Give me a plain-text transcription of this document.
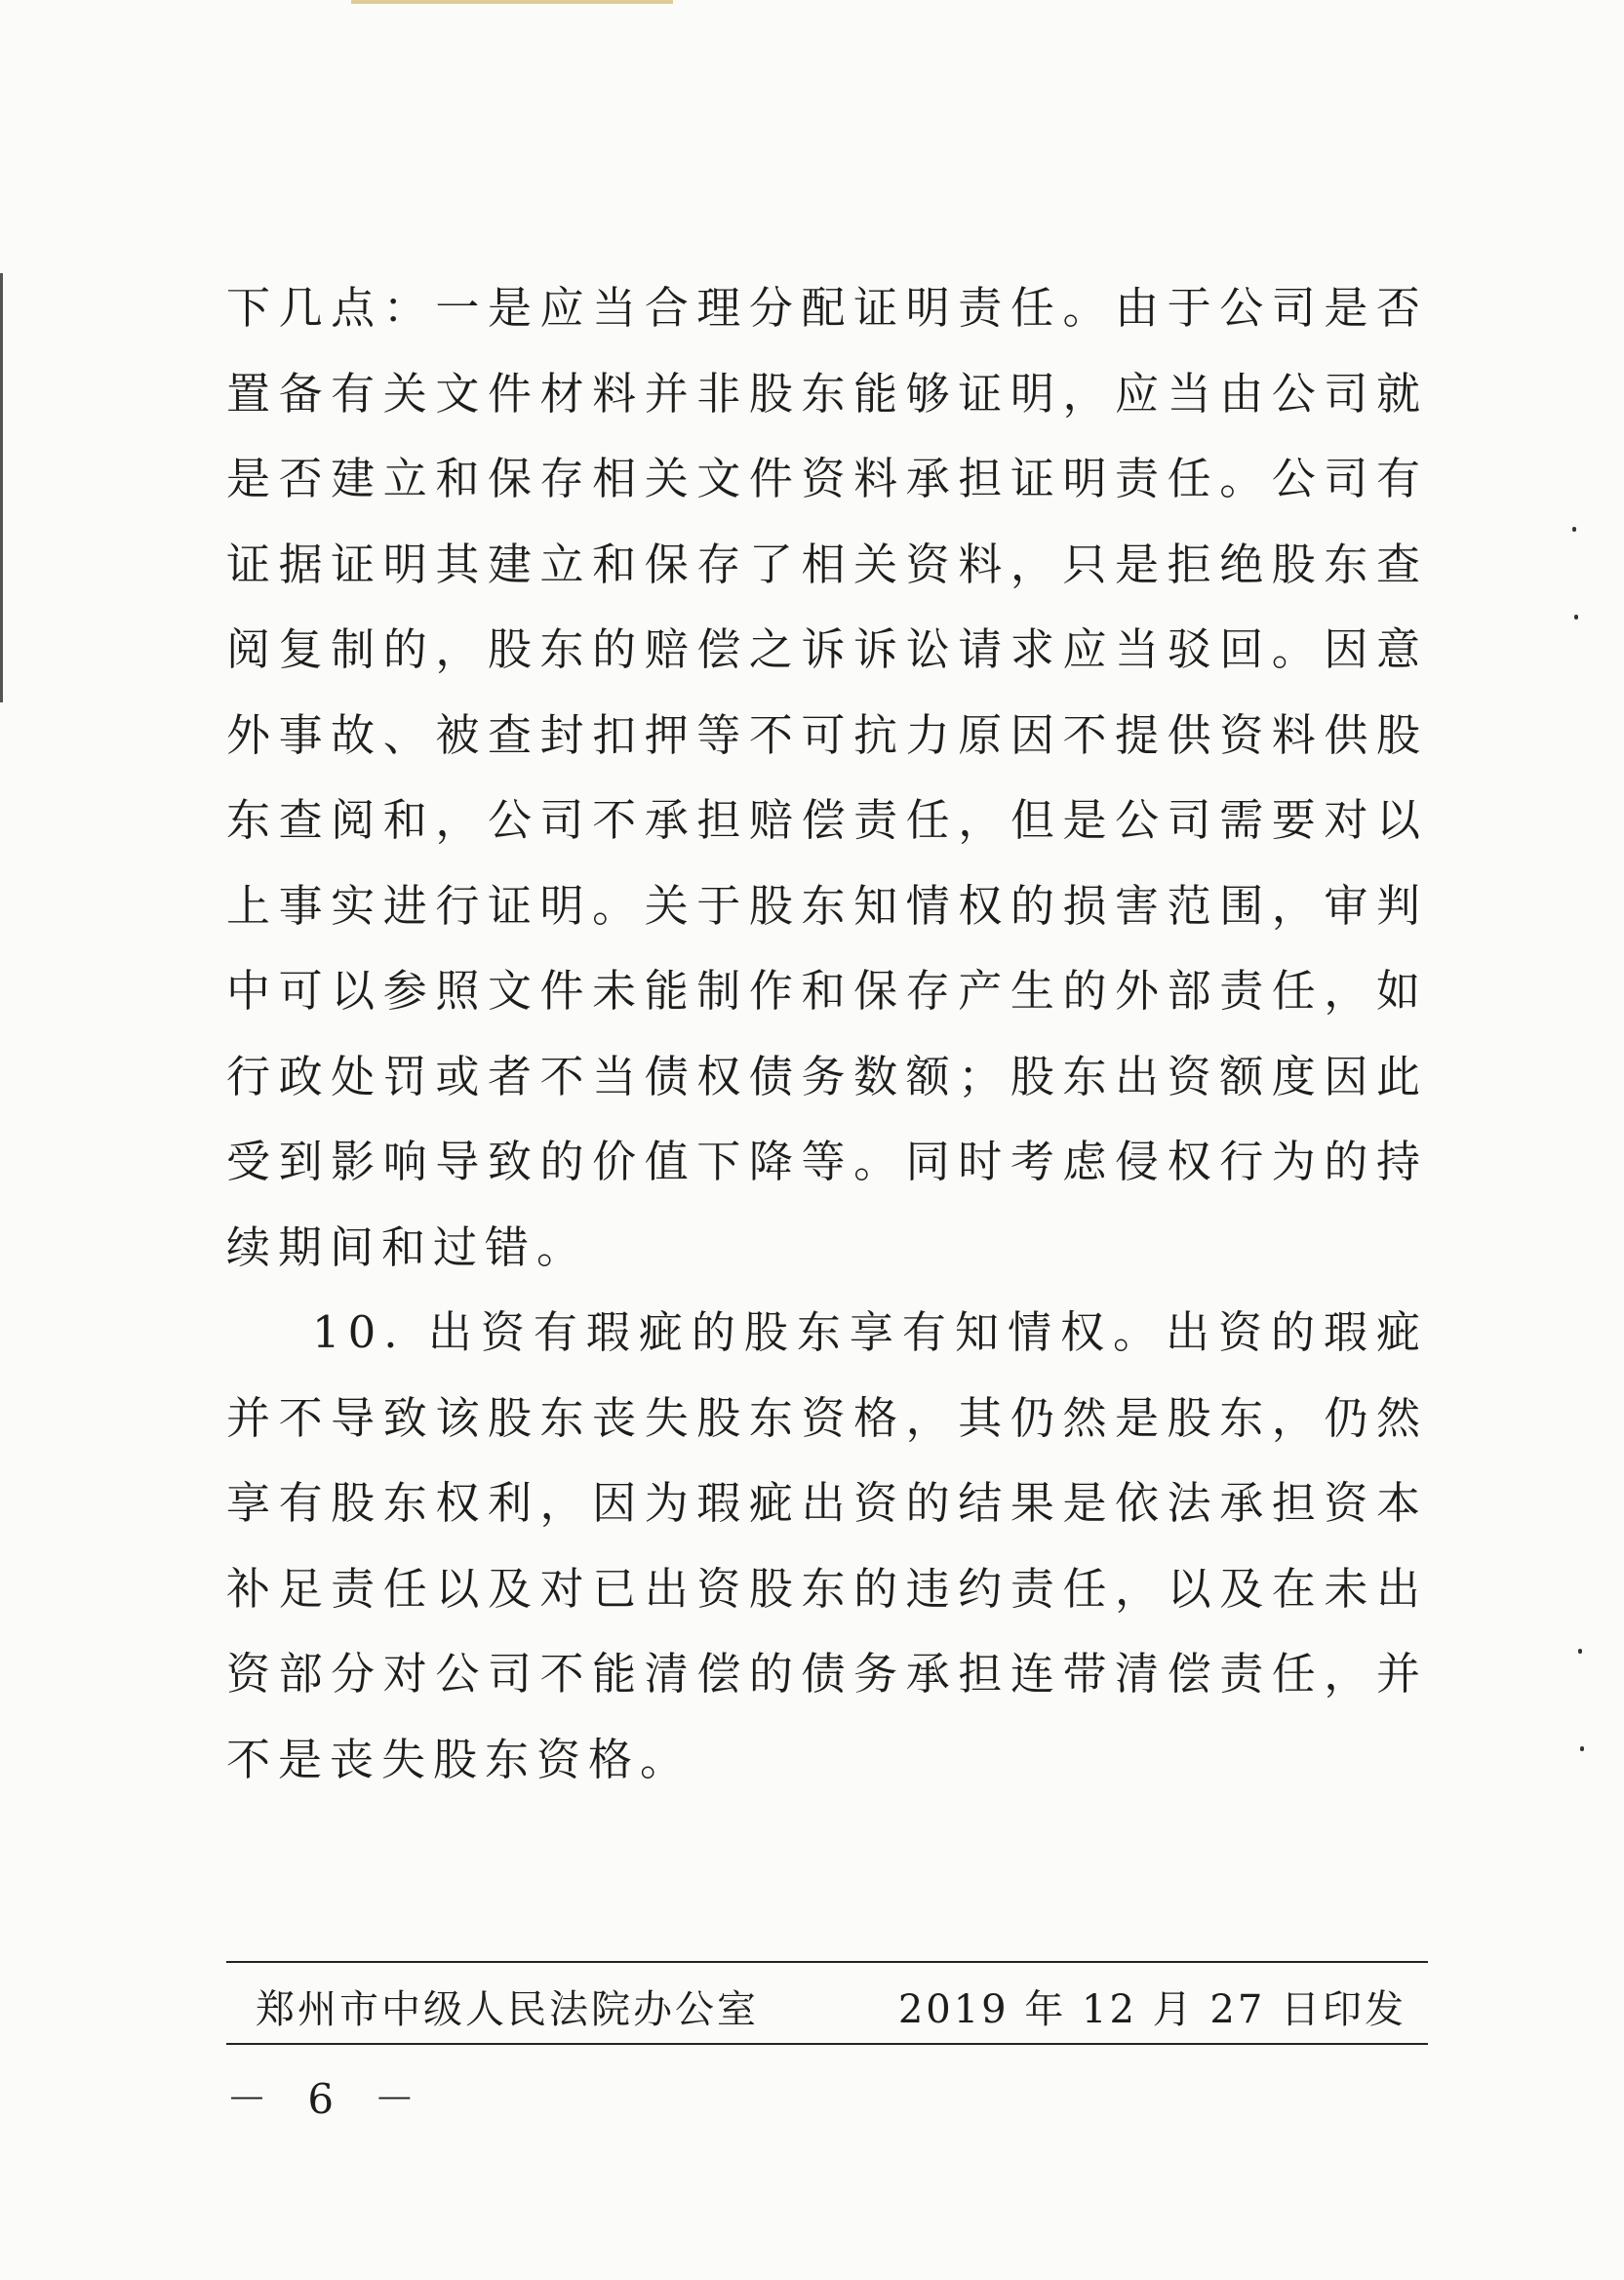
下几点：一是应当合理分配证明责任。由于公司是否置备有关文件材料并非股东能够证明，应当由公司就是否建立和保存相关文件资料承担证明责任。公司有证据证明其建立和保存了相关资料，只是拒绝股东查阅复制的，股东的赔偿之诉诉讼请求应当驳回。因意外事故、被查封扣押等不可抗力原因不提供资料供股东查阅和，公司不承担赔偿责任，但是公司需要对以上事实进行证明。关于股东知情权的损害范围，审判中可以参照文件未能制作和保存产生的外部责任，如行政处罚或者不当债权债务数额；股东出资额度因此受到影响导致的价值下降等。同时考虑侵权行为的持续期间和过错。

10. 出资有瑕疵的股东享有知情权。出资的瑕疵并不导致该股东丧失股东资格，其仍然是股东，仍然享有股东权利，因为瑕疵出资的结果是依法承担资本补足责任以及对已出资股东的违约责任，以及在未出资部分对公司不能清偿的债务承担连带清偿责任，并不是丧失股东资格。

郑州市中级人民法院办公室	2019 年 12 月 27 日印发
－ 6 －
